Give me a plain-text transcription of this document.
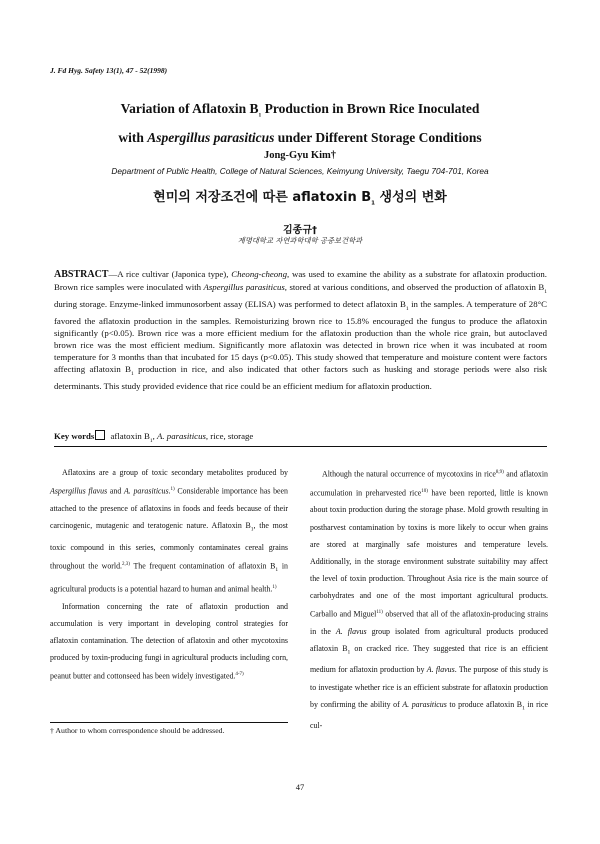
J. Fd Hyg. Safety 13(1), 47 - 52(1998)
Variation of Aflatoxin $B_1$ Production in Brown Rice Inoculated
with Aspergillus parasiticus under Different Storage Conditions
Jong-Gyu Kim†
Department of Public Health, College of Natural Sciences, Keimyung University, Taegu 704-701, Korea
현미의 저장조건에 따른 aflatoxin $B_1$ 생성의 변화
김종규†
계명대학교 자연과학대학 공중보건학과
ABSTRACT—A rice cultivar (Japonica type), Cheong-cheong, was used to examine the ability as a substrate for aflatoxin production. Brown rice samples were inoculated with Aspergillus parasiticus, stored at various conditions, and observed the production of aflatoxin $B_1$ during storage. Enzyme-linked immunosorbent assay (ELISA) was performed to detect aflatoxin $B_1$ in the samples. A temperature of 28°C favored the aflatoxin production in the samples. Remoisturizing brown rice to 15.8% encouraged the fungus to produce the aflatoxin significantly (p<0.05). Brown rice was a more efficient medium for the aflatoxin production than the whole rice grain, but autoclaved brown rice was the most efficient medium. Significantly more aflatoxin was detected in brown rice when it was incubated at room temperature for 3 months than that incubated for 15 days (p<0.05). This study showed that temperature and moisture content were factors affecting aflatoxin $B_1$ production in rice, and also indicated that other factors such as husking and storage periods were also risk determinants. This study provided evidence that rice could be an efficient medium for aflatoxin production.
Key words aflatoxin $B_1$, A. parasiticus, rice, storage

Aflatoxins are a group of toxic secondary metabolites produced by Aspergillus flavus and A. parasiticus.$^{1)}$ Considerable importance has been attached to the presence of aflatoxins in foods and feeds because of their carcinogenic, mutagenic and teratogenic nature. Aflatoxin $B_1$, the most toxic compound in this series, commonly contaminates cereal grains throughout the world.$^{2,3)}$ The frequent contamination of aflatoxin $B_1$ in agricultural products is a potential hazard to human and animal health.$^{1)}$

Information concerning the rate of aflatoxin production and accumulation is very important in developing control strategies for aflatoxin contamination. The detection of aflatoxin and other mycotoxins produced by toxin-producing fungi in agricultural products including corn, peanut butter and cottonseed has been widely investigated.$^{4-7)}$

Although the natural occurrence of mycotoxins in rice$^{8,9)}$ and aflatoxin accumulation in preharvested rice$^{10)}$ have been reported, little is known about toxin production during the storage phase. Mold growth resulting in postharvest contamination by toxins is more likely to occur when grains are stored at marginally safe moistures and temperature levels. Additionally, in the storage environment substrate suitability may affect the level of toxin production. Throughout Asia rice is the main source of carbohydrates and one of the most important agricultural products. Carballo and Miguel$^{11)}$ observed that all of the aflatoxin-producing strains in the A. flavus group isolated from agricultural products produced aflatoxin $B_1$ on cracked rice. They suggested that rice is an efficient medium for aflatoxin production by A. flavus. The purpose of this study is to investigate whether rice is an efficient substrate for aflatoxin production by confirming the ability of A. parasiticus to produce aflatoxin $B_1$ in rice cul-

† Author to whom correspondence should be addressed.
47
